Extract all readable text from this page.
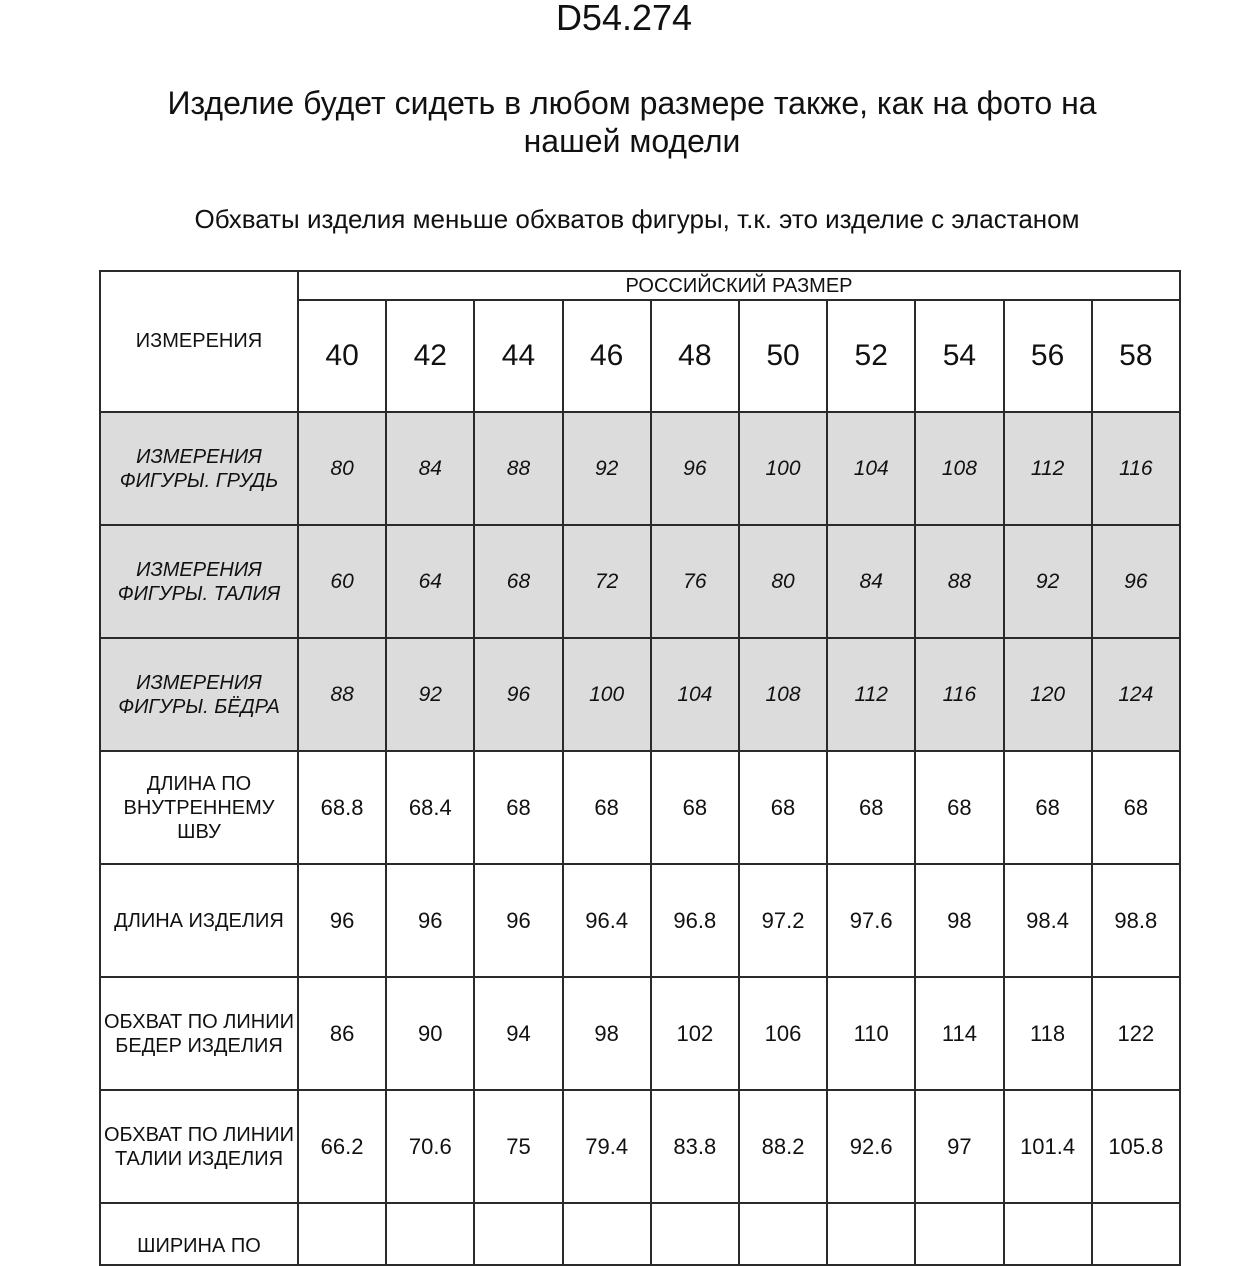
D54.274
Изделие будет сидеть в любом размере также, как на фото на нашей модели
Обхваты изделия меньше обхватов фигуры, т.к. это изделие с эластаном
ИЗМЕРЕНИЯ	РОССИЙСКИЙ РАЗМЕР									
	40	42	44	46	48	50	52	54	56	58
ИЗМЕРЕНИЯ ФИГУРЫ. ГРУДЬ	80	84	88	92	96	100	104	108	112	116
ИЗМЕРЕНИЯ ФИГУРЫ. ТАЛИЯ	60	64	68	72	76	80	84	88	92	96
ИЗМЕРЕНИЯ ФИГУРЫ. БЁДРА	88	92	96	100	104	108	112	116	120	124
ДЛИНА ПО ВНУТРЕННЕМУ ШВУ	68.8	68.4	68	68	68	68	68	68	68	68
ДЛИНА ИЗДЕЛИЯ	96	96	96	96.4	96.8	97.2	97.6	98	98.4	98.8
ОБХВАТ ПО ЛИНИИ БЕДЕР ИЗДЕЛИЯ	86	90	94	98	102	106	110	114	118	122
ОБХВАТ ПО ЛИНИИ ТАЛИИ ИЗДЕЛИЯ	66.2	70.6	75	79.4	83.8	88.2	92.6	97	101.4	105.8

ШИРИНА ПО										
